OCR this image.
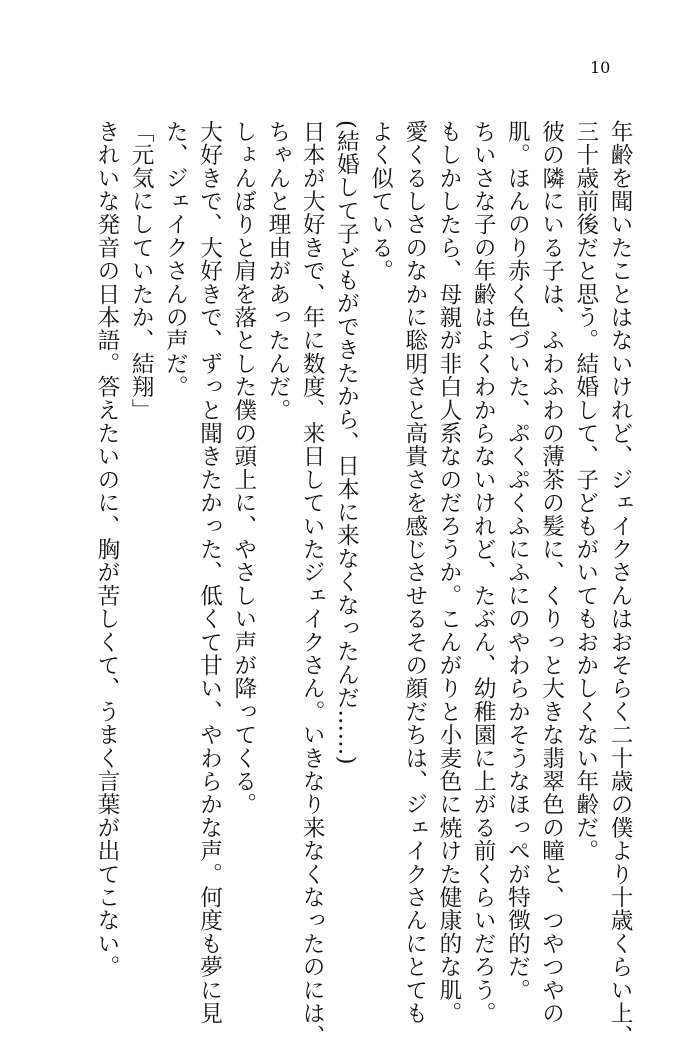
10
年齢を聞いたことはないけれど、ジェイクさんはおそらく二十歳の僕より十歳くらい上、
三十歳前後だと思う。結婚して、子どもがいてもおかしくない年齢だ。
彼の隣にいる子は、ふわふわの薄茶の髪に、くりっと大きな翡翠色の瞳と、つやつやの
肌。ほんのり赤く色づいた、ぷくぷくふにふにのやわらかそうなほっぺが特徴的だ。
ちいさな子の年齢はよくわからないけれど、たぶん、幼稚園に上がる前くらいだろう。
もしかしたら、母親が非白人系なのだろうか。こんがりと小麦色に焼けた健康的な肌。
愛くるしさのなかに聡明さと高貴さを感じさせるその顔だちは、ジェイクさんにとても
よく似ている。
(結婚して子どもができたから、日本に来なくなったんだ……)
日本が大好きで、年に数度、来日していたジェイクさん。いきなり来なくなったのには、
ちゃんと理由があったんだ。
しょんぼりと肩を落とした僕の頭上に、やさしい声が降ってくる。
大好きで、大好きで、ずっと聞きたかった、低くて甘い、やわらかな声。何度も夢に見
た、ジェイクさんの声だ。
「元気にしていたか、結翔」
きれいな発音の日本語。答えたいのに、胸が苦しくて、うまく言葉が出てこない。
